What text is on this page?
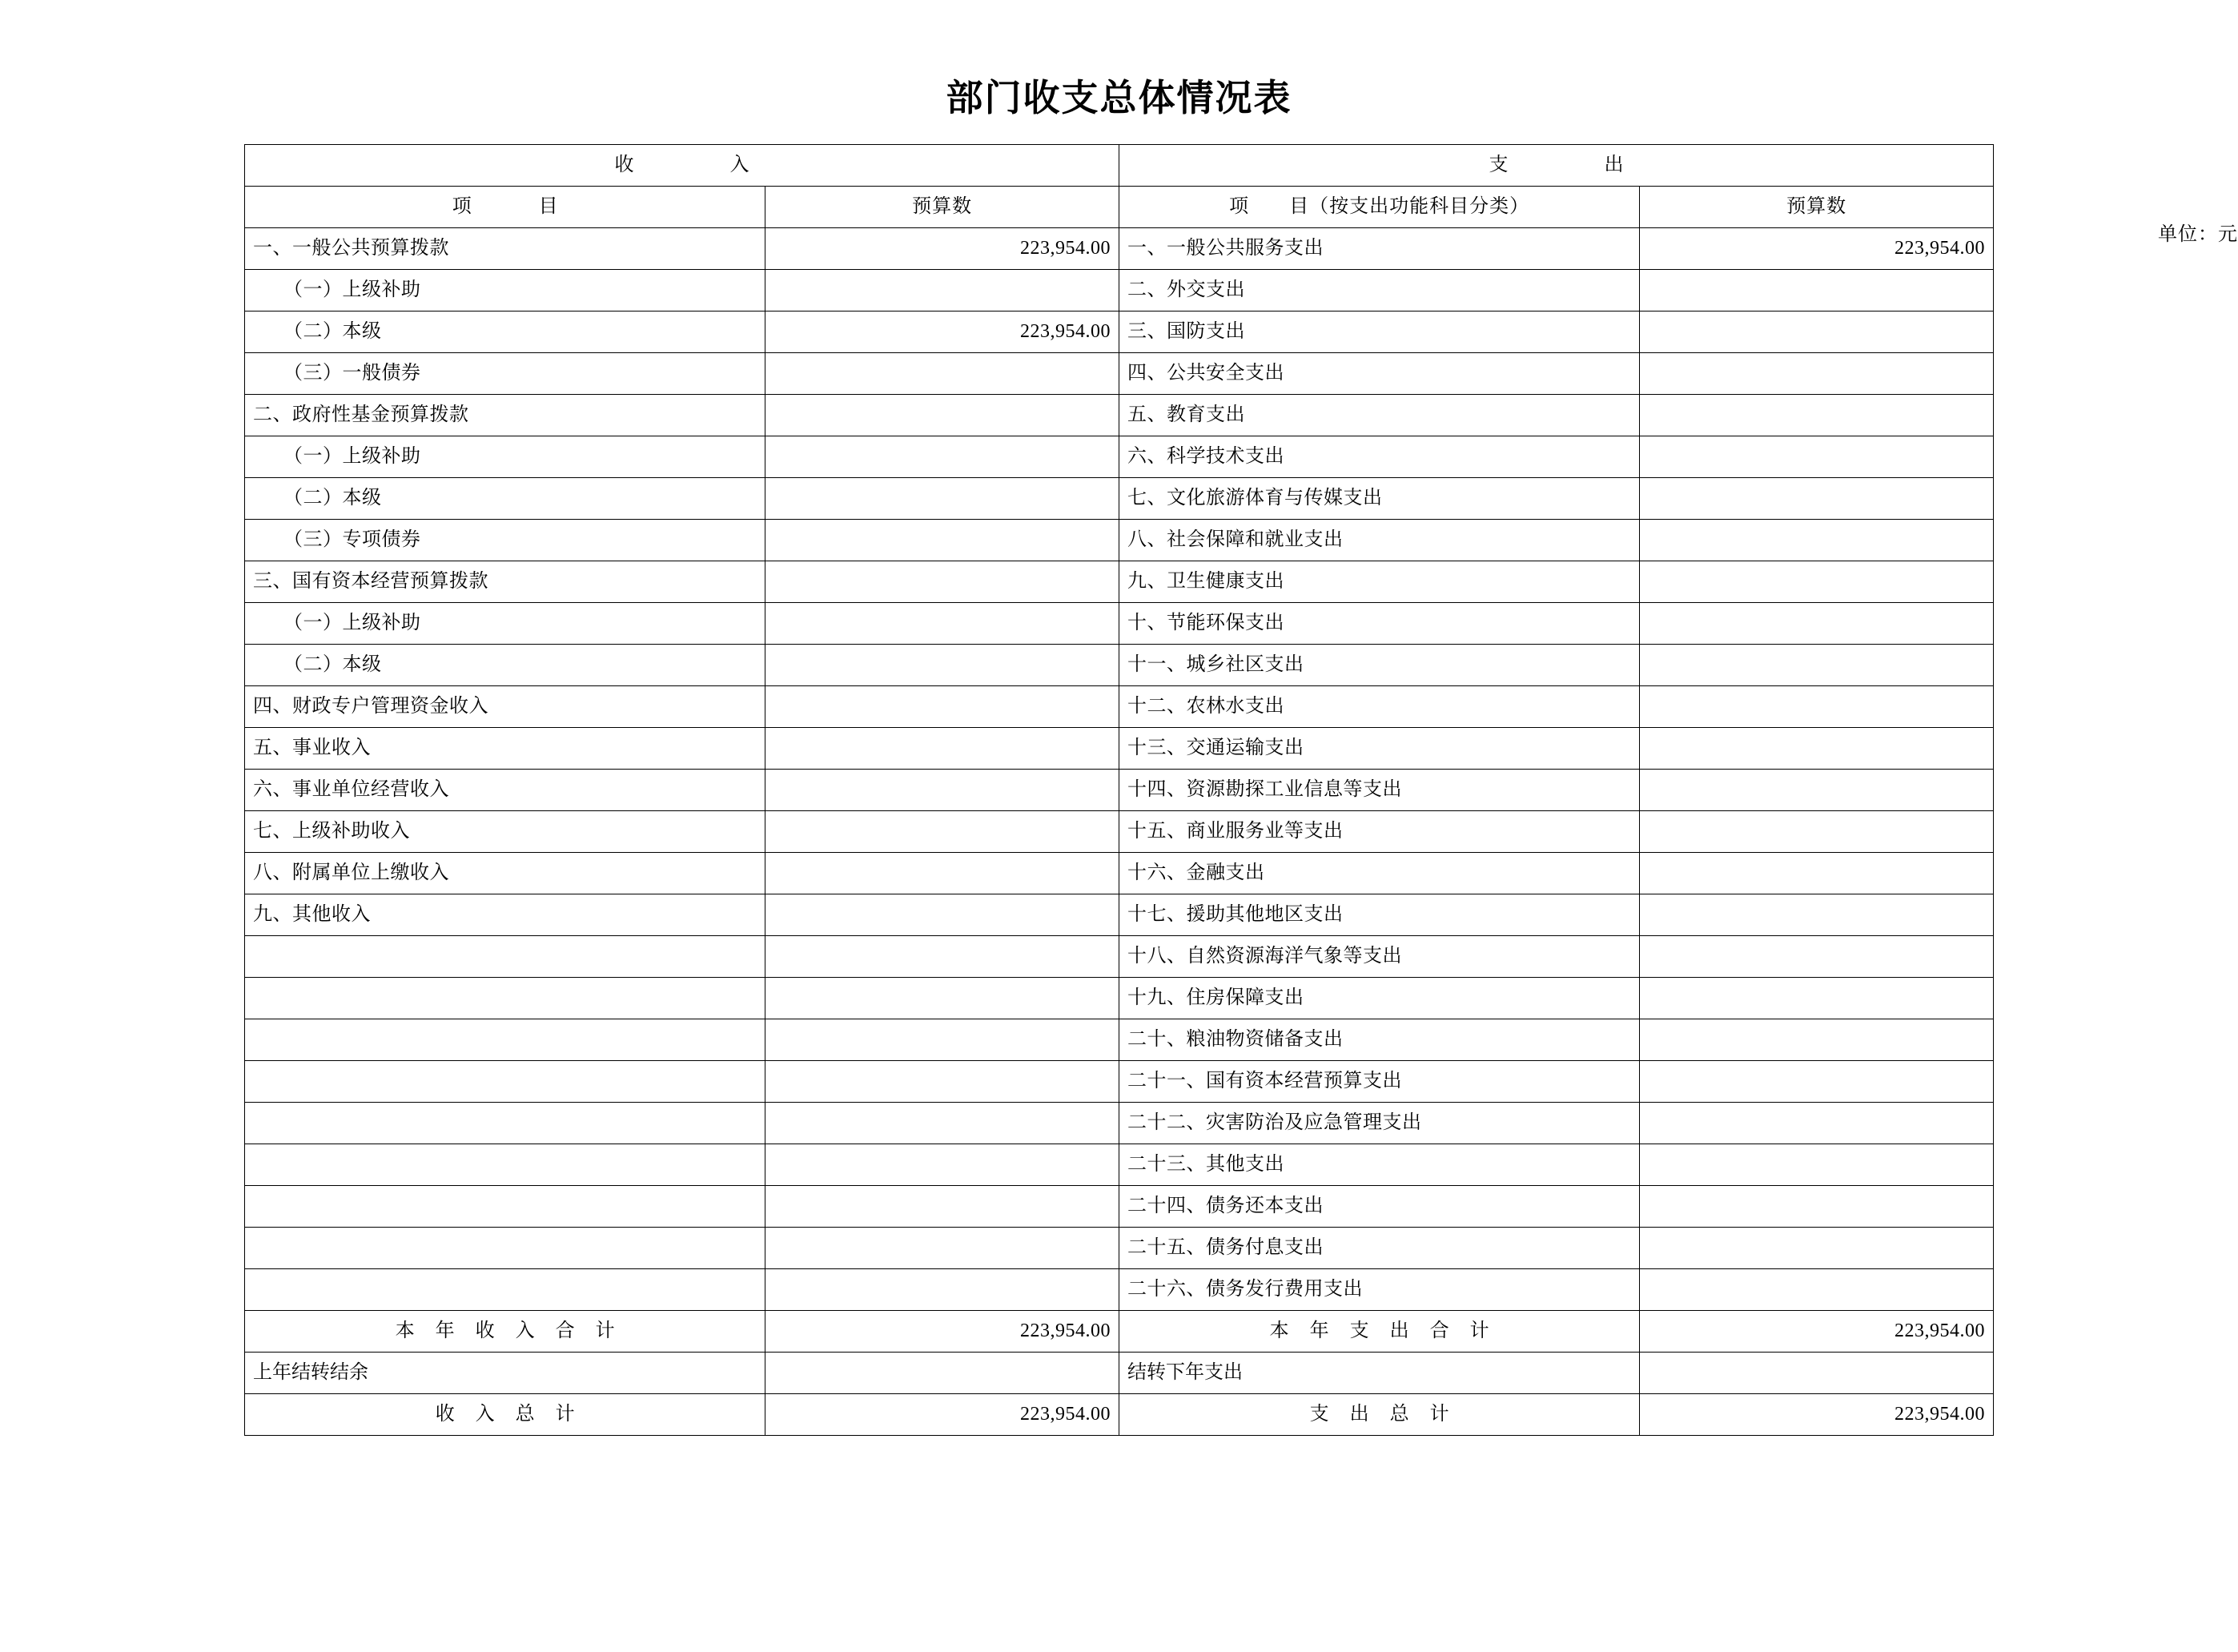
部门收支总体情况表
单位：元
收　　入		支　　出	
项　　目	预算数	项　　目（按支出功能科目分类）	预算数
一、一般公共预算拨款	223,954.00	一、一般公共服务支出	223,954.00
（一）上级补助		二、外交支出	
（二）本级	223,954.00	三、国防支出	
（三）一般债券		四、公共安全支出	
二、政府性基金预算拨款		五、教育支出	
（一）上级补助		六、科学技术支出	
（二）本级		七、文化旅游体育与传媒支出	
（三）专项债券		八、社会保障和就业支出	
三、国有资本经营预算拨款		九、卫生健康支出	
（一）上级补助		十、节能环保支出	
（二）本级		十一、城乡社区支出	
四、财政专户管理资金收入		十二、农林水支出	
五、事业收入		十三、交通运输支出	
六、事业单位经营收入		十四、资源勘探工业信息等支出	
七、上级补助收入		十五、商业服务业等支出	
八、附属单位上缴收入		十六、金融支出	
九、其他收入		十七、援助其他地区支出	
		十八、自然资源海洋气象等支出	
		十九、住房保障支出	
		二十、粮油物资储备支出	
		二十一、国有资本经营预算支出	
		二十二、灾害防治及应急管理支出	
		二十三、其他支出	
		二十四、债务还本支出	
		二十五、债务付息支出	
		二十六、债务发行费用支出	
本 年 收 入 合 计	223,954.00	本 年 支 出 合 计	223,954.00
上年结转结余		结转下年支出	
收 入 总 计	223,954.00	支 出 总 计	223,954.00
